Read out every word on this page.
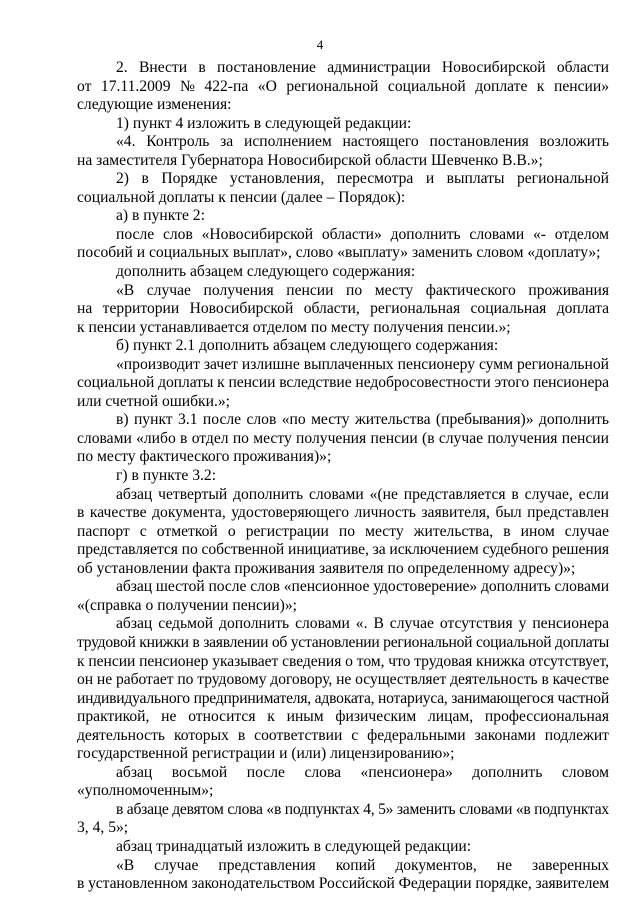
4

2. Внести в постановление администрации Новосибирской области

от 17.11.2009 № 422-па «О региональной социальной доплате к пенсии»

следующие изменения:

1) пункт 4 изложить в следующей редакции:

«4. Контроль за исполнением настоящего постановления возложить

на заместителя Губернатора Новосибирской области Шевченко В.В.»;

2) в Порядке установления, пересмотра и выплаты региональной

социальной доплаты к пенсии (далее – Порядок):

а) в пункте 2:

после слов «Новосибирской области» дополнить словами «- отделом

пособий и социальных выплат», слово «выплату» заменить словом «доплату»;

дополнить абзацем следующего содержания:

«В случае получения пенсии по месту фактического проживания

на территории Новосибирской области, региональная социальная доплата

к пенсии устанавливается отделом по месту получения пенсии.»;

б) пункт 2.1 дополнить абзацем следующего содержания:

«производит зачет излишне выплаченных пенсионеру сумм региональной

социальной доплаты к пенсии вследствие недобросовестности этого пенсионера

или счетной ошибки.»;

в) пункт 3.1 после слов «по месту жительства (пребывания)» дополнить

словами «либо в отдел по месту получения пенсии (в случае получения пенсии

по месту фактического проживания)»;

г) в пункте 3.2:

абзац четвертый дополнить словами «(не представляется в случае, если

в качестве документа, удостоверяющего личность заявителя, был представлен

паспорт с отметкой о регистрации по месту жительства, в ином случае

представляется по собственной инициативе, за исключением судебного решения

об установлении факта проживания заявителя по определенному адресу)»;

абзац шестой после слов «пенсионное удостоверение» дополнить словами

«(справка о получении пенсии)»;

абзац седьмой дополнить словами «. В случае отсутствия у пенсионера

трудовой книжки в заявлении об установлении региональной социальной доплаты

к пенсии пенсионер указывает сведения о том, что трудовая книжка отсутствует,

он не работает по трудовому договору, не осуществляет деятельность в качестве

индивидуального предпринимателя, адвоката, нотариуса, занимающегося частной

практикой, не относится к иным физическим лицам, профессиональная

деятельность которых в соответствии с федеральными законами подлежит

государственной регистрации и (или) лицензированию»;

абзац восьмой после слова «пенсионера» дополнить словом

«уполномоченным»;

в абзаце девятом слова «в подпунктах 4, 5» заменить словами «в подпунктах

3, 4, 5»;

абзац тринадцатый изложить в следующей редакции:

«В случае представления копий документов, не заверенных

в установленном законодательством Российской Федерации порядке, заявителем
